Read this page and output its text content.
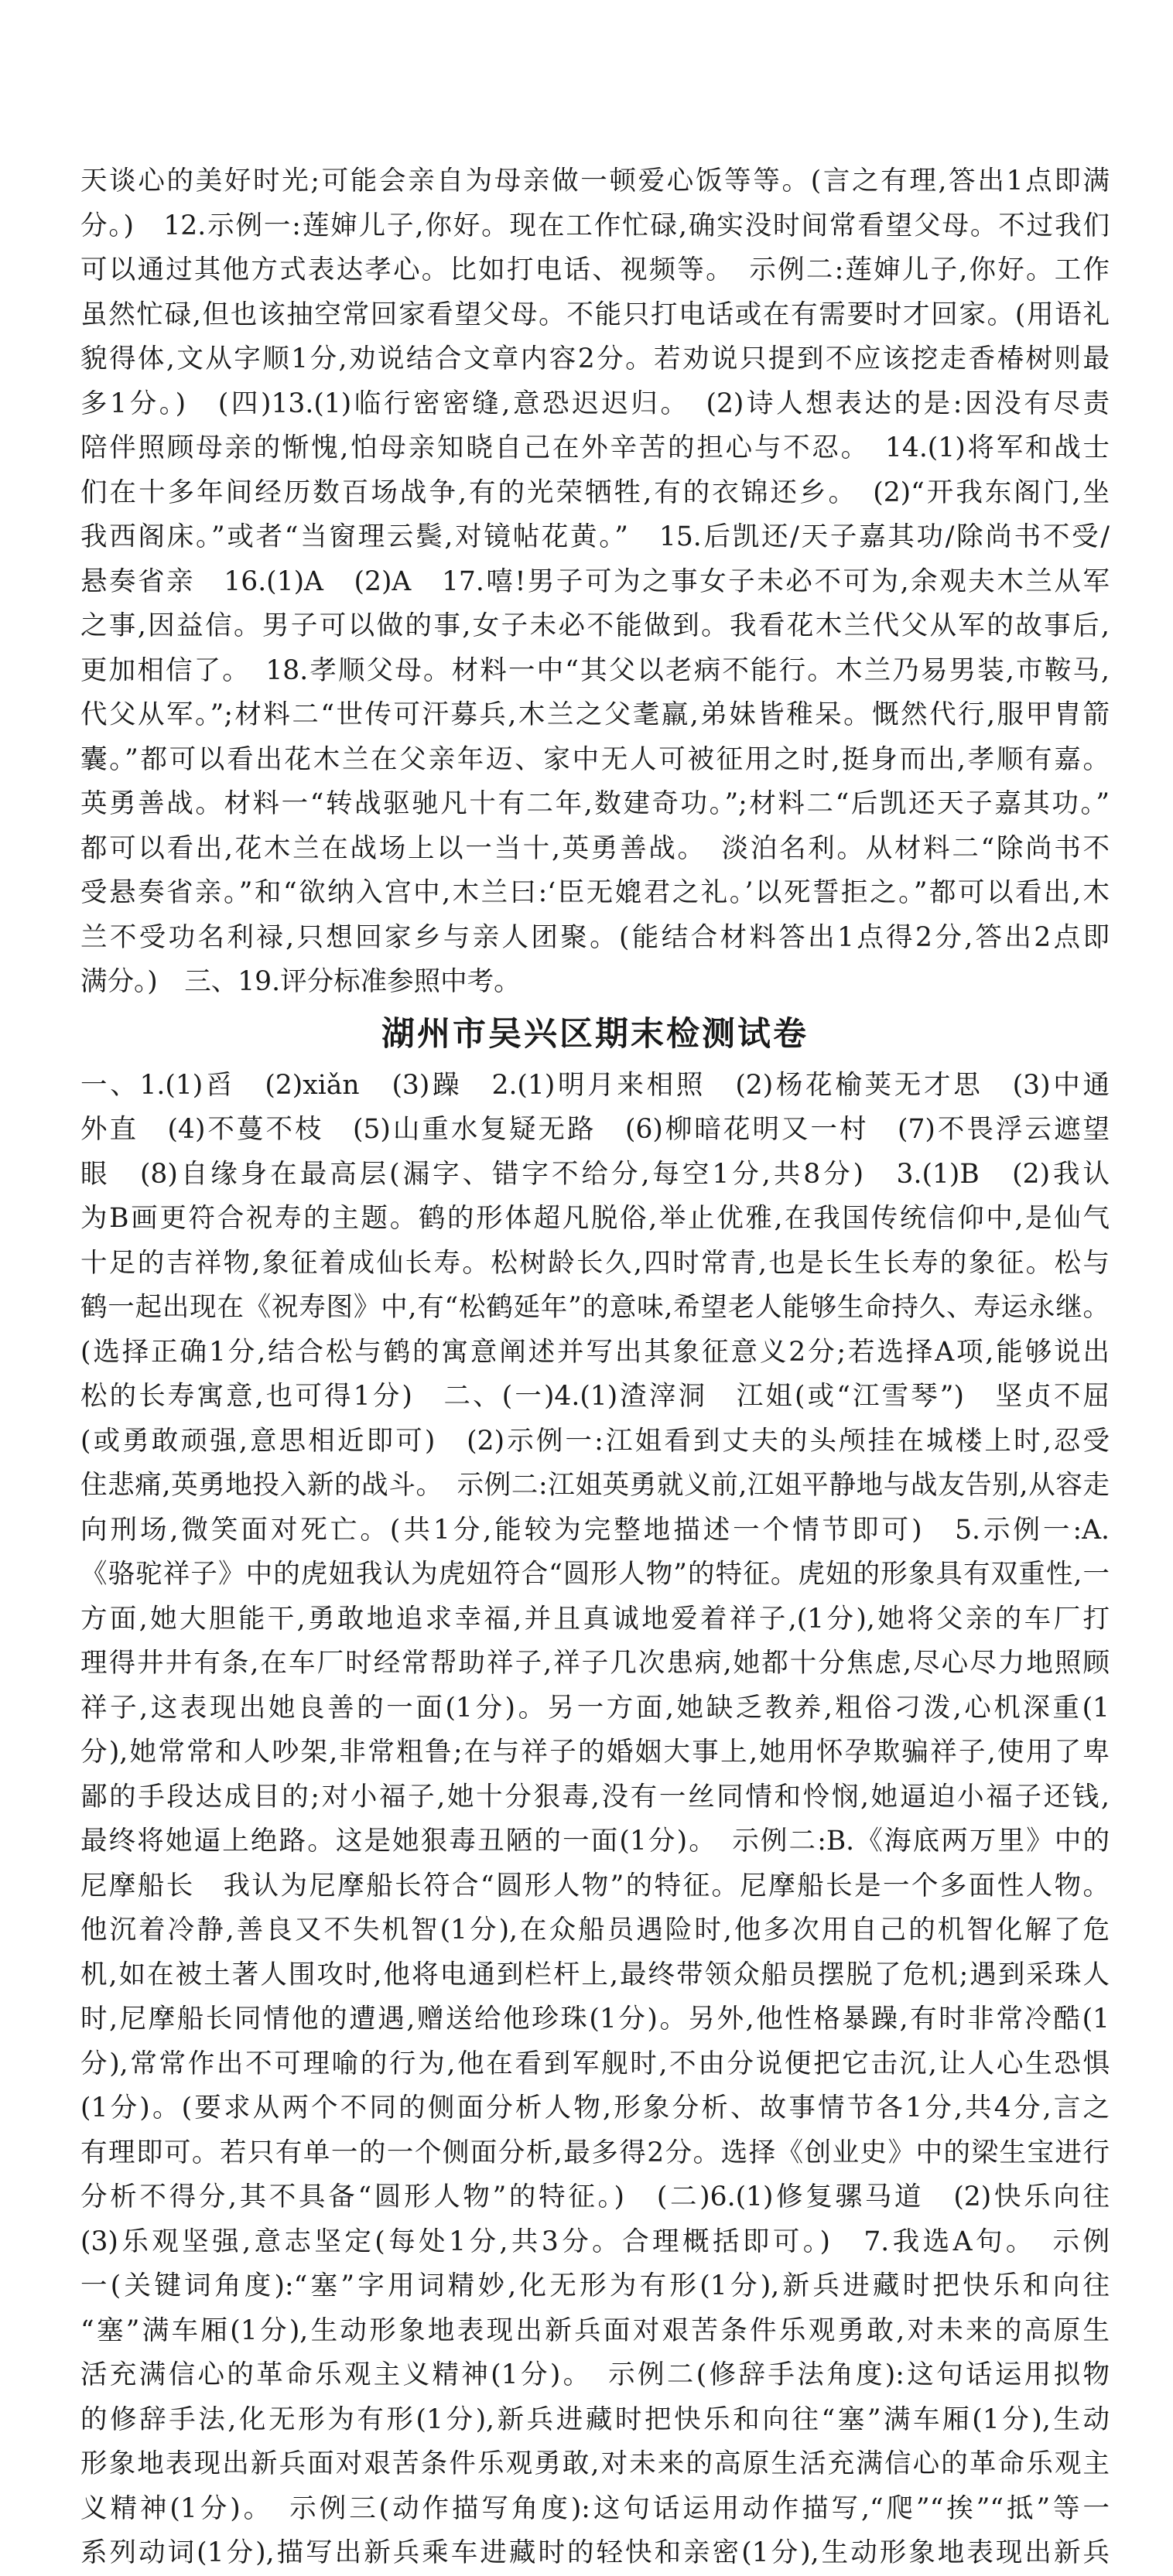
天谈心的美好时光;可能会亲自为母亲做一顿爱心饭等等。(言之有理,答出1点即满
分。)　12.示例一:莲婶儿子,你好。现在工作忙碌,确实没时间常看望父母。不过我们
可以通过其他方式表达孝心。比如打电话、视频等。　示例二:莲婶儿子,你好。工作
虽然忙碌,但也该抽空常回家看望父母。不能只打电话或在有需要时才回家。(用语礼
貌得体,文从字顺1分,劝说结合文章内容2分。若劝说只提到不应该挖走香椿树则最
多1分。)　(四)13.(1)临行密密缝,意恐迟迟归。　(2)诗人想表达的是:因没有尽责
陪伴照顾母亲的惭愧,怕母亲知晓自己在外辛苦的担心与不忍。　14.(1)将军和战士
们在十多年间经历数百场战争,有的光荣牺牲,有的衣锦还乡。　(2)“开我东阁门,坐
我西阁床。”或者“当窗理云鬓,对镜帖花黄。”　15.后凯还/天子嘉其功/除尚书不受/
悬奏省亲　16.(1)A　(2)A　17.嘻!男子可为之事女子未必不可为,余观夫木兰从军
之事,因益信。男子可以做的事,女子未必不能做到。我看花木兰代父从军的故事后,
更加相信了。　18.孝顺父母。材料一中“其父以老病不能行。木兰乃易男装,市鞍马,
代父从军。”;材料二“世传可汗募兵,木兰之父耄羸,弟妹皆稚呆。慨然代行,服甲胄箭
囊。”都可以看出花木兰在父亲年迈、家中无人可被征用之时,挺身而出,孝顺有嘉。
英勇善战。材料一“转战驱驰凡十有二年,数建奇功。”;材料二“后凯还天子嘉其功。”
都可以看出,花木兰在战场上以一当十,英勇善战。　淡泊名利。从材料二“除尚书不
受悬奏省亲。”和“欲纳入宫中,木兰曰:‘臣无媲君之礼。’以死誓拒之。”都可以看出,木
兰不受功名利禄,只想回家乡与亲人团聚。(能结合材料答出1点得2分,答出2点即
满分。)　三、19.评分标准参照中考。
湖州市吴兴区期末检测试卷
一、1.(1)舀　(2)xiǎn　(3)躁　2.(1)明月来相照　(2)杨花榆荚无才思　(3)中通
外直　(4)不蔓不枝　(5)山重水复疑无路　(6)柳暗花明又一村　(7)不畏浮云遮望
眼　(8)自缘身在最高层(漏字、错字不给分,每空1分,共8分)　3.(1)B　(2)我认
为B画更符合祝寿的主题。鹤的形体超凡脱俗,举止优雅,在我国传统信仰中,是仙气
十足的吉祥物,象征着成仙长寿。松树龄长久,四时常青,也是长生长寿的象征。松与
鹤一起出现在《祝寿图》中,有“松鹤延年”的意味,希望老人能够生命持久、寿运永继。
(选择正确1分,结合松与鹤的寓意阐述并写出其象征意义2分;若选择A项,能够说出
松的长寿寓意,也可得1分)　二、(一)4.(1)渣滓洞　江姐(或“江雪琴”)　坚贞不屈
(或勇敢顽强,意思相近即可)　(2)示例一:江姐看到丈夫的头颅挂在城楼上时,忍受
住悲痛,英勇地投入新的战斗。　示例二:江姐英勇就义前,江姐平静地与战友告别,从容走
向刑场,微笑面对死亡。(共1分,能较为完整地描述一个情节即可)　5.示例一:A.
《骆驼祥子》中的虎妞我认为虎妞符合“圆形人物”的特征。虎妞的形象具有双重性,一
方面,她大胆能干,勇敢地追求幸福,并且真诚地爱着祥子,(1分),她将父亲的车厂打
理得井井有条,在车厂时经常帮助祥子,祥子几次患病,她都十分焦虑,尽心尽力地照顾
祥子,这表现出她良善的一面(1分)。另一方面,她缺乏教养,粗俗刁泼,心机深重(1
分),她常常和人吵架,非常粗鲁;在与祥子的婚姻大事上,她用怀孕欺骗祥子,使用了卑
鄙的手段达成目的;对小福子,她十分狠毒,没有一丝同情和怜悯,她逼迫小福子还钱,
最终将她逼上绝路。这是她狠毒丑陋的一面(1分)。　示例二:B.《海底两万里》中的
尼摩船长　我认为尼摩船长符合“圆形人物”的特征。尼摩船长是一个多面性人物。
他沉着冷静,善良又不失机智(1分),在众船员遇险时,他多次用自己的机智化解了危
机,如在被土著人围攻时,他将电通到栏杆上,最终带领众船员摆脱了危机;遇到采珠人
时,尼摩船长同情他的遭遇,赠送给他珍珠(1分)。另外,他性格暴躁,有时非常冷酷(1
分),常常作出不可理喻的行为,他在看到军舰时,不由分说便把它击沉,让人心生恐惧
(1分)。(要求从两个不同的侧面分析人物,形象分析、故事情节各1分,共4分,言之
有理即可。若只有单一的一个侧面分析,最多得2分。选择《创业史》中的梁生宝进行
分析不得分,其不具备“圆形人物”的特征。)　(二)6.(1)修复骡马道　(2)快乐向往
(3)乐观坚强,意志坚定(每处1分,共3分。合理概括即可。)　7.我选A句。　示例
一(关键词角度):“塞”字用词精妙,化无形为有形(1分),新兵进藏时把快乐和向往
“塞”满车厢(1分),生动形象地表现出新兵面对艰苦条件乐观勇敢,对未来的高原生
活充满信心的革命乐观主义精神(1分)。　示例二(修辞手法角度):这句话运用拟物
的修辞手法,化无形为有形(1分),新兵进藏时把快乐和向往“塞”满车厢(1分),生动
形象地表现出新兵面对艰苦条件乐观勇敢,对未来的高原生活充满信心的革命乐观主
义精神(1分)。　示例三(动作描写角度):这句话运用动作描写,“爬”“挨”“抵”等一
系列动词(1分),描写出新兵乘车进藏时的轻快和亲密(1分),生动形象地表现出新兵
